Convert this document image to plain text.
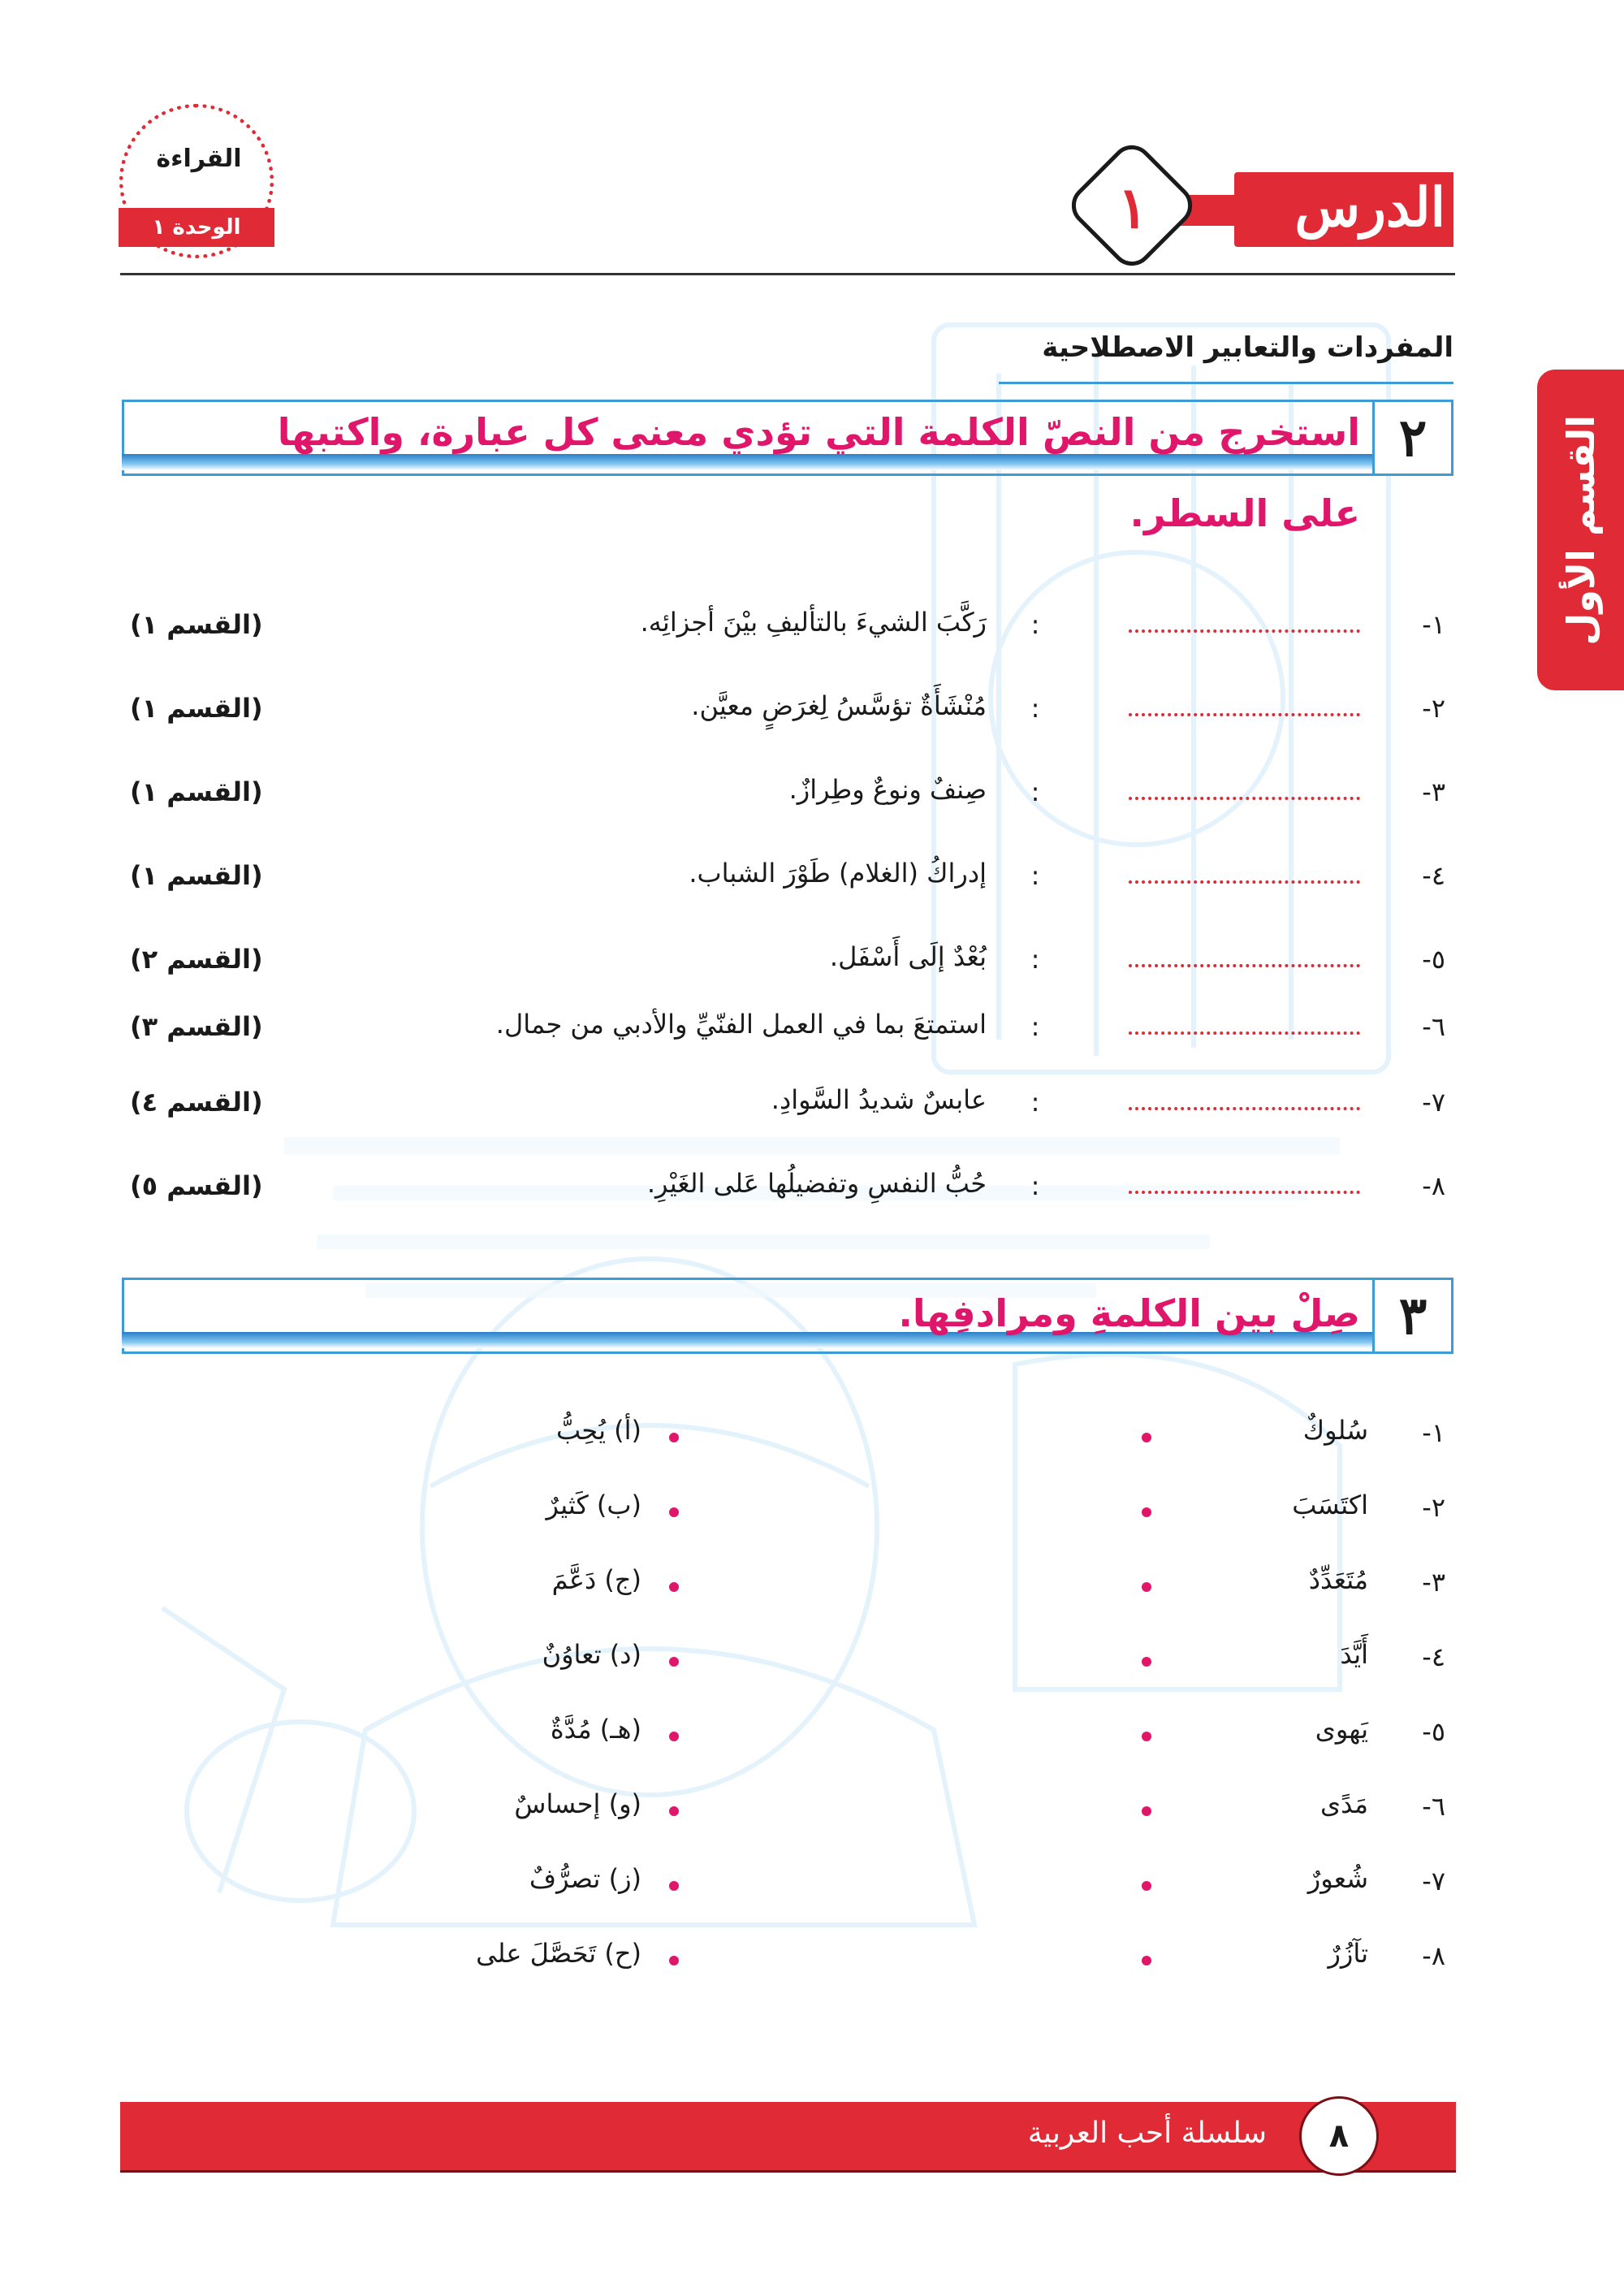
الدرس
١
القراءة
الوحدة ١
القسم الأول
المفردات والتعابير الاصطلاحية
٢
استخرج من النصّ الكلمة التي تؤدي معنى كل عبارة، واكتبها
على السطر.
١-
:
رَكَّبَ الشيءَ بالتأليفِ بيْنَ أجزائِه.
(القسم ١)
٢-
:
مُنْشَأَةٌ تؤسَّسُ لِغرَضٍ معيَّن.
(القسم ١)
٣-
:
صِنفٌ ونوعٌ وطِرازٌ.
(القسم ١)
٤-
:
إدراكُ (الغلام) طَوْرَ الشباب.
(القسم ١)
٥-
:
بُعْدٌ إلَى أَسْفَل.
(القسم ٢)
٦-
:
استمتعَ بما في العمل الفنّيِّ والأدبي من جمال.
(القسم ٣)
٧-
:
عابسٌ شديدُ السَّوادِ.
(القسم ٤)
٨-
:
حُبُّ النفسِ وتفضيلُها عَلى الغَيْرِ.
(القسم ٥)
٣
صِلْ بين الكلمةِ ومرادفِها.
١-
سُلوكٌ
(أ) يُحِبُّ
٢-
اكتَسَبَ
(ب) كَثيرٌ
٣-
مُتَعَدِّدٌ
(ج) دَعَّمَ
٤-
أَيَّدَ
(د) تعاوُنٌ
٥-
يَهوى
(هـ) مُدَّةٌ
٦-
مَدًى
(و) إحساسٌ
٧-
شُعورٌ
(ز) تصرُّفٌ
٨-
تآزُرٌ
(ح) تَحَصَّلَ على
٨
سلسلة أحب العربية
